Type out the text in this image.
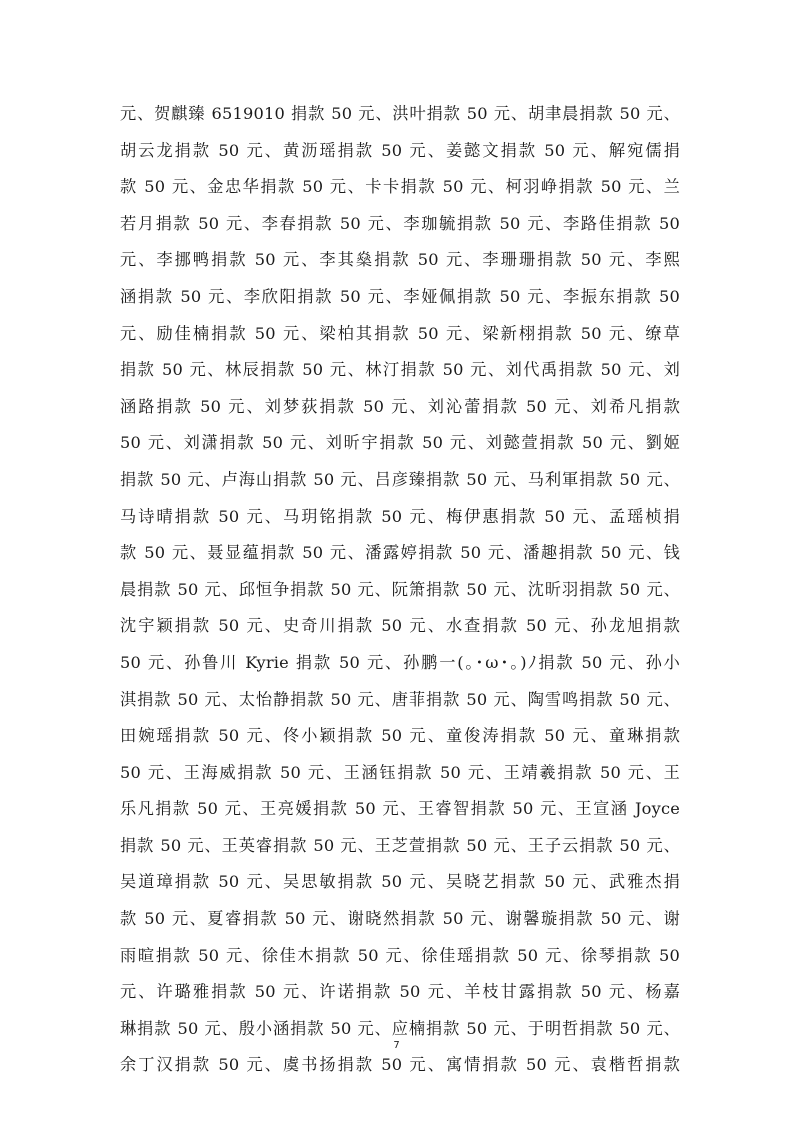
元、贺麒臻 6519010 捐款 50 元、洪叶捐款 50 元、胡聿晨捐款 50 元、
胡云龙捐款 50 元、黄沥瑶捐款 50 元、姜懿文捐款 50 元、解宛儒捐
款 50 元、金忠华捐款 50 元、卡卡捐款 50 元、柯羽峥捐款 50 元、兰
若月捐款 50 元、李春捐款 50 元、李珈毓捐款 50 元、李路佳捐款 50
元、李挪鸭捐款 50 元、李其燊捐款 50 元、李珊珊捐款 50 元、李熙
涵捐款 50 元、李欣阳捐款 50 元、李娅佩捐款 50 元、李振东捐款 50
元、励佳楠捐款 50 元、梁柏其捐款 50 元、梁新栩捐款 50 元、缭草
捐款 50 元、林辰捐款 50 元、林汀捐款 50 元、刘代禹捐款 50 元、刘
涵路捐款 50 元、刘梦荻捐款 50 元、刘沁蕾捐款 50 元、刘希凡捐款
50 元、刘潇捐款 50 元、刘昕宇捐款 50 元、刘懿萱捐款 50 元、劉姬
捐款 50 元、卢海山捐款 50 元、吕彦臻捐款 50 元、马利軍捐款 50 元、
马诗晴捐款 50 元、马玥铭捐款 50 元、梅伊惠捐款 50 元、孟瑶桢捐
款 50 元、聂显蕴捐款 50 元、潘露婷捐款 50 元、潘趣捐款 50 元、钱
晨捐款 50 元、邱恒争捐款 50 元、阮箫捐款 50 元、沈昕羽捐款 50 元、
沈宇颖捐款 50 元、史奇川捐款 50 元、水查捐款 50 元、孙龙旭捐款
50 元、孙鲁川 Kyrie 捐款 50 元、孙鹏一(｡･ω･｡)ﾉ捐款 50 元、孙小
淇捐款 50 元、太怡静捐款 50 元、唐菲捐款 50 元、陶雪鸣捐款 50 元、
田婉瑶捐款 50 元、佟小颖捐款 50 元、童俊涛捐款 50 元、童琳捐款
50 元、王海威捐款 50 元、王涵钰捐款 50 元、王靖羲捐款 50 元、王
乐凡捐款 50 元、王亮媛捐款 50 元、王睿智捐款 50 元、王宣涵 Joyce
捐款 50 元、王英睿捐款 50 元、王芝萱捐款 50 元、王子云捐款 50 元、
吴道璋捐款 50 元、吴思敏捐款 50 元、吴晓艺捐款 50 元、武雅杰捐
款 50 元、夏睿捐款 50 元、谢晓然捐款 50 元、谢馨璇捐款 50 元、谢
雨暄捐款 50 元、徐佳木捐款 50 元、徐佳瑶捐款 50 元、徐琴捐款 50
元、许璐雅捐款 50 元、许诺捐款 50 元、羊枝甘露捐款 50 元、杨嘉
琳捐款 50 元、殷小涵捐款 50 元、应楠捐款 50 元、于明哲捐款 50 元、
余丁汉捐款 50 元、虞书扬捐款 50 元、寓情捐款 50 元、袁楷哲捐款
7
